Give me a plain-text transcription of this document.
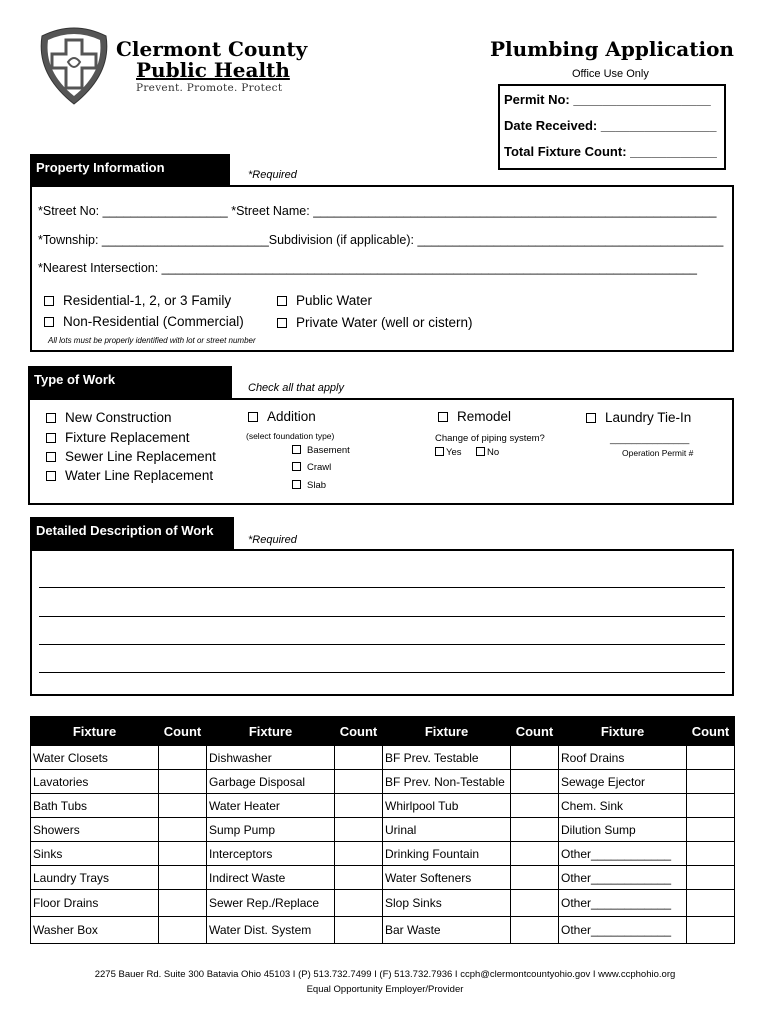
Clermont County
Public Health
Prevent. Promote. Protect
Plumbing Application
Office Use Only
Permit No: ___________________
Date Received: ________________
Total Fixture Count: ____________
Property Information	*Required
*Street No: __________________ *Street Name: __________________________________________________________
*Township: ________________________Subdivision (if applicable): ____________________________________________
*Nearest Intersection: _____________________________________________________________________________
Residential-1, 2, or 3 Family
Non-Residential (Commercial)
Public Water
Private Water (well or cistern)
All lots must be properly identified with lot or street number
Type of Work
Check all that apply
New Construction
Fixture Replacement
Sewer Line Replacement
Water Line Replacement
Addition
(select foundation type)
Basement
Crawl
Slab
Remodel
Change of piping system?
Yes	No
Laundry Tie-In
_______________
Operation Permit #
Detailed Description of Work
*Required
Fixture	Count	Fixture	Count	Fixture	Count	Fixture	Count
Water Closets		Dishwasher		BF Prev. Testable		Roof Drains	
Lavatories		Garbage Disposal		BF Prev. Non-Testable		Sewage Ejector	
Bath Tubs		Water Heater		Whirlpool Tub		Chem. Sink	
Showers		Sump Pump		Urinal		Dilution Sump	
Sinks		Interceptors		Drinking Fountain		Other____________	
Laundry Trays		Indirect Waste		Water Softeners		Other____________	
Floor Drains		Sewer Rep./Replace		Slop Sinks		Other____________	
Washer Box		Water Dist. System		Bar Waste		Other____________	
2275 Bauer Rd. Suite 300 Batavia Ohio 45103 I (P) 513.732.7499 I (F) 513.732.7936 I ccph@clermontcountyohio.gov I www.ccphohio.org
Equal Opportunity Employer/Provider
